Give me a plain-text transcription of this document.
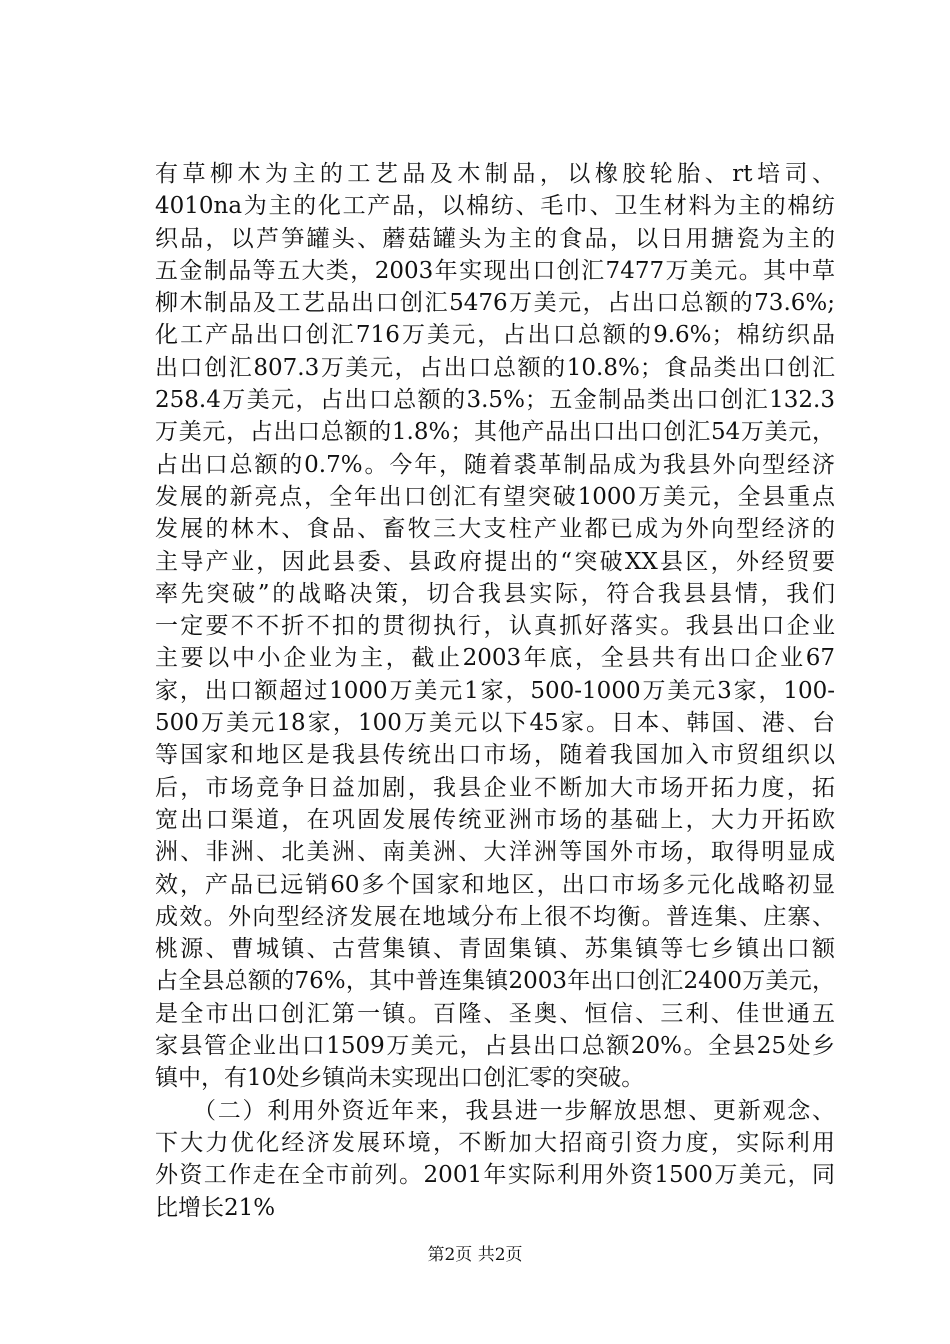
有草柳木为主的工艺品及木制品，以橡胶轮胎、rt培司、
4010na为主的化工产品，以棉纺、毛巾、卫生材料为主的棉纺
织品，以芦笋罐头、蘑菇罐头为主的食品，以日用搪瓷为主的
五金制品等五大类，2003年实现出口创汇7477万美元。其中草
柳木制品及工艺品出口创汇5476万美元，占出口总额的73.6%;
化工产品出口创汇716万美元，占出口总额的9.6%；棉纺织品
出口创汇807.3万美元，占出口总额的10.8%；食品类出口创汇
258.4万美元，占出口总额的3.5%；五金制品类出口创汇132.3
万美元，占出口总额的1.8%；其他产品出口出口创汇54万美元，
占出口总额的0.7%。今年，随着裘革制品成为我县外向型经济
发展的新亮点，全年出口创汇有望突破1000万美元，全县重点
发展的林木、食品、畜牧三大支柱产业都已成为外向型经济的
主导产业，因此县委、县政府提出的“突破XX县区，外经贸要
率先突破”的战略决策，切合我县实际，符合我县县情，我们
一定要不不折不扣的贯彻执行，认真抓好落实。我县出口企业
主要以中小企业为主，截止2003年底，全县共有出口企业67
家，出口额超过1000万美元1家，500-1000万美元3家，100-
500万美元18家，100万美元以下45家。日本、韩国、港、台
等国家和地区是我县传统出口市场，随着我国加入市贸组织以
后，市场竞争日益加剧，我县企业不断加大市场开拓力度，拓
宽出口渠道，在巩固发展传统亚洲市场的基础上，大力开拓欧
洲、非洲、北美洲、南美洲、大洋洲等国外市场，取得明显成
效，产品已远销60多个国家和地区，出口市场多元化战略初显
成效。外向型经济发展在地域分布上很不均衡。普连集、庄寨、
桃源、曹城镇、古营集镇、青固集镇、苏集镇等七乡镇出口额
占全县总额的76%，其中普连集镇2003年出口创汇2400万美元，
是全市出口创汇第一镇。百隆、圣奥、恒信、三利、佳世通五
家县管企业出口1509万美元，占县出口总额20%。全县25处乡
镇中，有10处乡镇尚未实现出口创汇零的突破。
　　（二）利用外资近年来，我县进一步解放思想、更新观念、
下大力优化经济发展环境，不断加大招商引资力度，实际利用
外资工作走在全市前列。2001年实际利用外资1500万美元，同
比增长21%
第2页 共2页
